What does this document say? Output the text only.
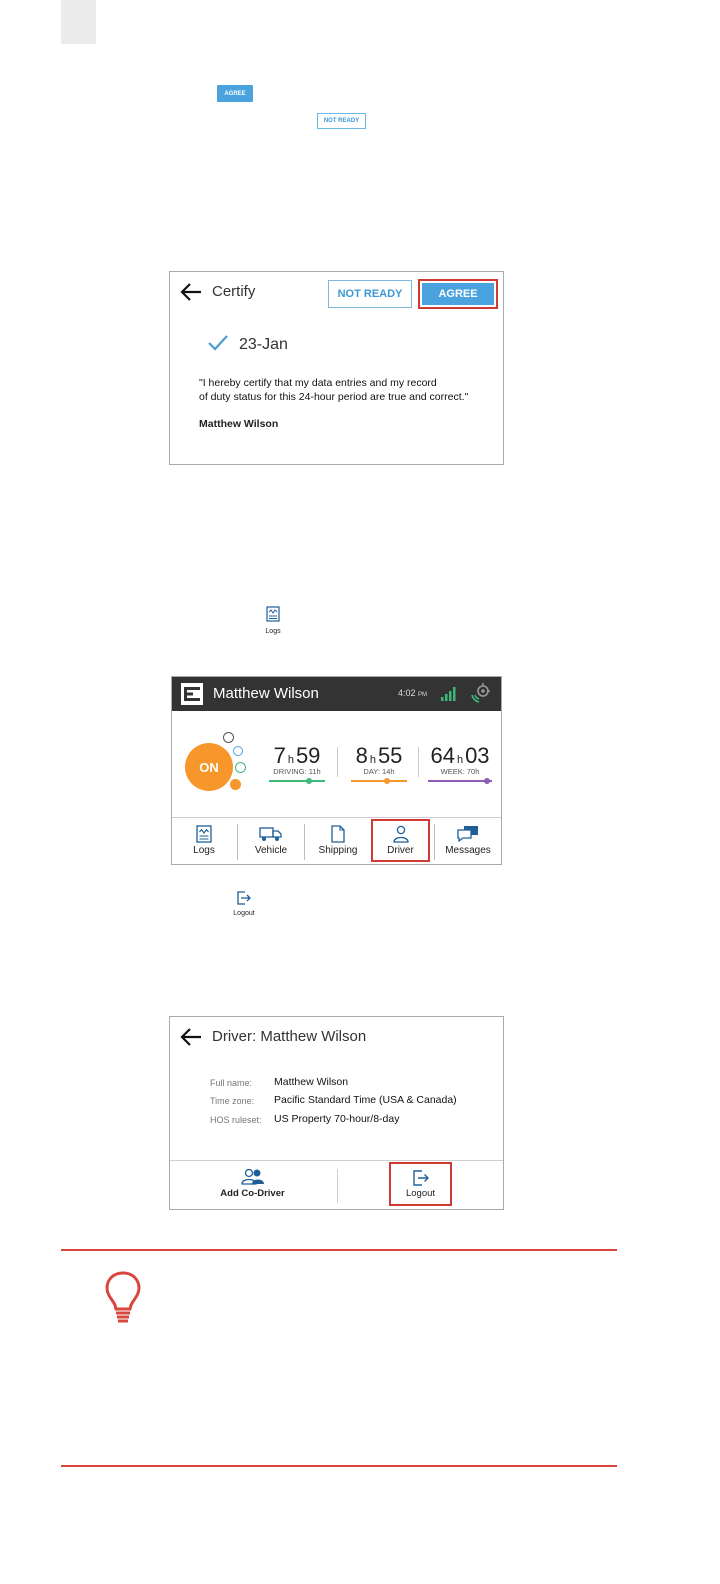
AGREE
NOT READY
Certify	NOT READY	AGREE
23-Jan
"I hereby certify that my data entries and my record
of duty status for this 24-hour period are true and correct."
Matthew Wilson
Logs
Matthew Wilson	4:02 PM
ON	7 h59
DRIVING: 11h
8 h55
DAY: 14h
64 h03
WEEK: 70h
Logs	Vehicle	Shipping	Driver	Messages
Logout
Driver: Matthew Wilson
Full name: Matthew Wilson
Time zone: Pacific Standard Time (USA & Canada)
HOS ruleset: US Property 70-hour/8-day
Add Co-Driver	Logout
